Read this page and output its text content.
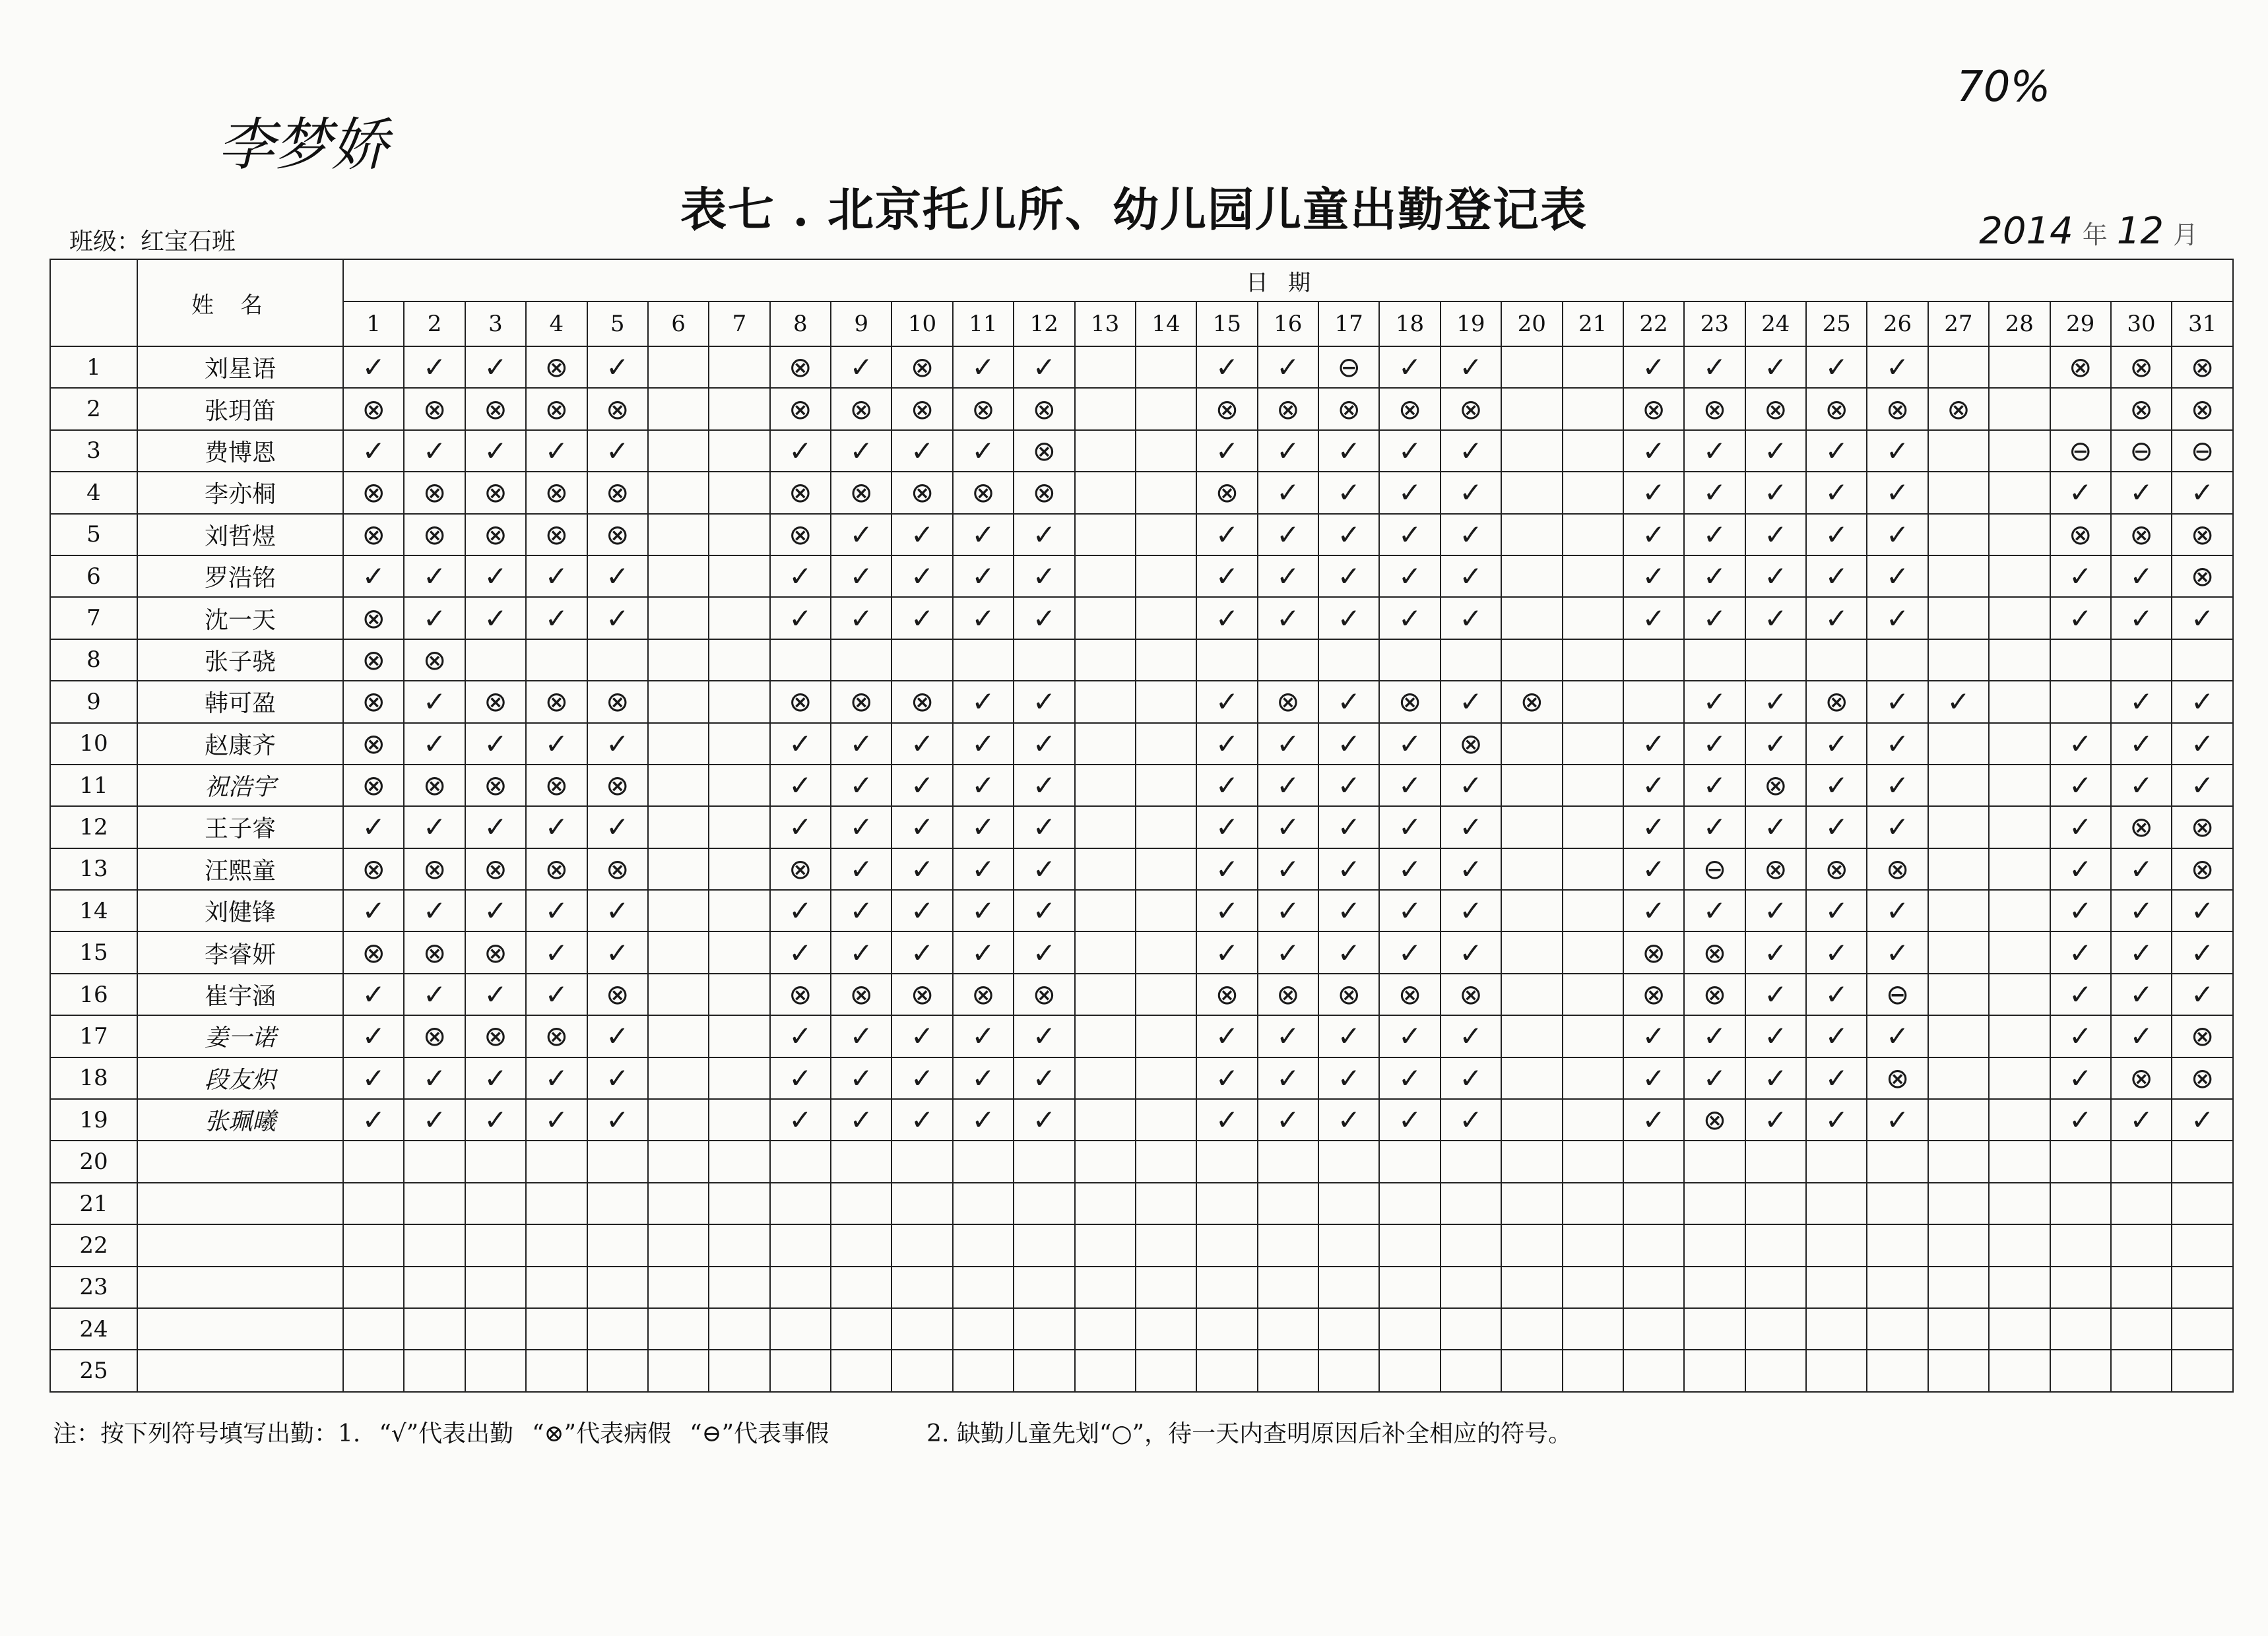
李梦娇
70%
表七 . 北京托儿所、幼儿园儿童出勤登记表
班级：红宝石班	2014 年 12 月
	姓名	日期																														
		1	2	3	4	5	6	7	8	9	10	11	12	13	14	15	16	17	18	19	20	21	22	23	24	25	26	27	28	29	30	31
1	刘星语	✓	✓	✓	⊗	✓			⊗	✓	⊗	✓	✓			✓	✓	⊖	✓	✓			✓	✓	✓	✓	✓			⊗	⊗	⊗
2	张玥笛	⊗	⊗	⊗	⊗	⊗			⊗	⊗	⊗	⊗	⊗			⊗	⊗	⊗	⊗	⊗			⊗	⊗	⊗	⊗	⊗	⊗			⊗	⊗
3	费博恩	✓	✓	✓	✓	✓			✓	✓	✓	✓	⊗			✓	✓	✓	✓	✓			✓	✓	✓	✓	✓			⊖	⊖	⊖
4	李亦桐	⊗	⊗	⊗	⊗	⊗			⊗	⊗	⊗	⊗	⊗			⊗	✓	✓	✓	✓			✓	✓	✓	✓	✓			✓	✓	✓
5	刘哲煜	⊗	⊗	⊗	⊗	⊗			⊗	✓	✓	✓	✓			✓	✓	✓	✓	✓			✓	✓	✓	✓	✓			⊗	⊗	⊗
6	罗浩铭	✓	✓	✓	✓	✓			✓	✓	✓	✓	✓			✓	✓	✓	✓	✓			✓	✓	✓	✓	✓			✓	✓	⊗
7	沈一天	⊗	✓	✓	✓	✓			✓	✓	✓	✓	✓			✓	✓	✓	✓	✓			✓	✓	✓	✓	✓			✓	✓	✓
8	张子骁	⊗	⊗																													
9	韩可盈	⊗	✓	⊗	⊗	⊗			⊗	⊗	⊗	✓	✓			✓	⊗	✓	⊗	✓	⊗			✓	✓	⊗	✓	✓			✓	✓
10	赵康齐	⊗	✓	✓	✓	✓			✓	✓	✓	✓	✓			✓	✓	✓	✓	⊗			✓	✓	✓	✓	✓			✓	✓	✓
11	祝浩宇	⊗	⊗	⊗	⊗	⊗			✓	✓	✓	✓	✓			✓	✓	✓	✓	✓			✓	✓	⊗	✓	✓			✓	✓	✓
12	王子睿	✓	✓	✓	✓	✓			✓	✓	✓	✓	✓			✓	✓	✓	✓	✓			✓	✓	✓	✓	✓			✓	⊗	⊗
13	汪熙童	⊗	⊗	⊗	⊗	⊗			⊗	✓	✓	✓	✓			✓	✓	✓	✓	✓			✓	⊖	⊗	⊗	⊗			✓	✓	⊗
14	刘健锋	✓	✓	✓	✓	✓			✓	✓	✓	✓	✓			✓	✓	✓	✓	✓			✓	✓	✓	✓	✓			✓	✓	✓
15	李睿妍	⊗	⊗	⊗	✓	✓			✓	✓	✓	✓	✓			✓	✓	✓	✓	✓			⊗	⊗	✓	✓	✓			✓	✓	✓
16	崔宇涵	✓	✓	✓	✓	⊗			⊗	⊗	⊗	⊗	⊗			⊗	⊗	⊗	⊗	⊗			⊗	⊗	✓	✓	⊖			✓	✓	✓
17	姜一诺	✓	⊗	⊗	⊗	✓			✓	✓	✓	✓	✓			✓	✓	✓	✓	✓			✓	✓	✓	✓	✓			✓	✓	⊗
18	段友炽	✓	✓	✓	✓	✓			✓	✓	✓	✓	✓			✓	✓	✓	✓	✓			✓	✓	✓	✓	⊗			✓	⊗	⊗
19	张珮曦	✓	✓	✓	✓	✓			✓	✓	✓	✓	✓			✓	✓	✓	✓	✓			✓	⊗	✓	✓	✓			✓	✓	✓
20																																
21																																
22																																
23																																
24																																
25																																
注：按下列符号填写出勤：1. “√”代表出勤 “⊗”代表病假 “⊖”代表事假	2. 缺勤儿童先划“○”，待一天内查明原因后补全相应的符号。
